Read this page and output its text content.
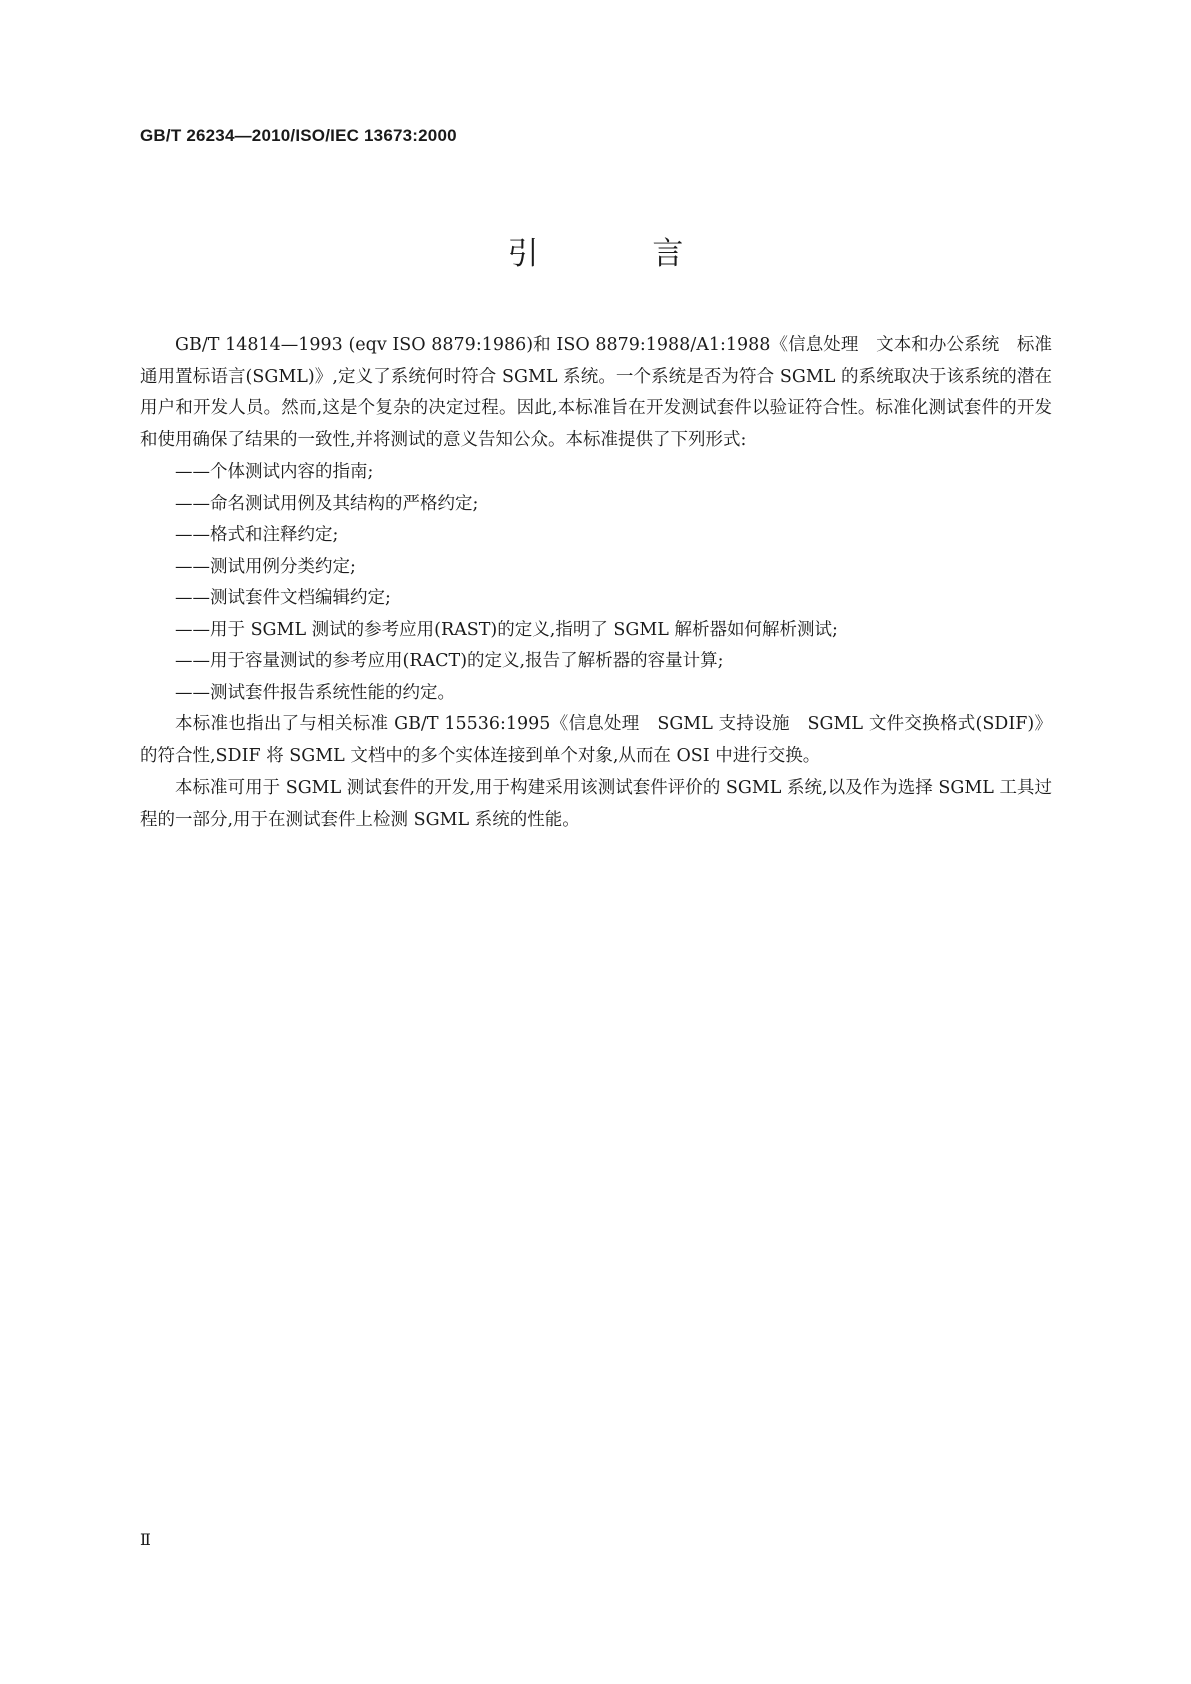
GB/T 26234—2010/ISO/IEC 13673:2000
引 言

GB/T 14814—1993 (eqv ISO 8879:1986)和 ISO 8879:1988/A1:1988《信息处理　文本和办公系统　标准通用置标语言(SGML)》,定义了系统何时符合 SGML 系统。一个系统是否为符合 SGML 的系统取决于该系统的潜在用户和开发人员。然而,这是个复杂的决定过程。因此,本标准旨在开发测试套件以验证符合性。标准化测试套件的开发和使用确保了结果的一致性,并将测试的意义告知公众。本标准提供了下列形式:

——个体测试内容的指南;

——命名测试用例及其结构的严格约定;

——格式和注释约定;

——测试用例分类约定;

——测试套件文档编辑约定;

——用于 SGML 测试的参考应用(RAST)的定义,指明了 SGML 解析器如何解析测试;

——用于容量测试的参考应用(RACT)的定义,报告了解析器的容量计算;

——测试套件报告系统性能的约定。

本标准也指出了与相关标准 GB/T 15536:1995《信息处理　SGML 支持设施　SGML 文件交换格式(SDIF)》的符合性,SDIF 将 SGML 文档中的多个实体连接到单个对象,从而在 OSI 中进行交换。

本标准可用于 SGML 测试套件的开发,用于构建采用该测试套件评价的 SGML 系统,以及作为选择 SGML 工具过程的一部分,用于在测试套件上检测 SGML 系统的性能。

Ⅱ
